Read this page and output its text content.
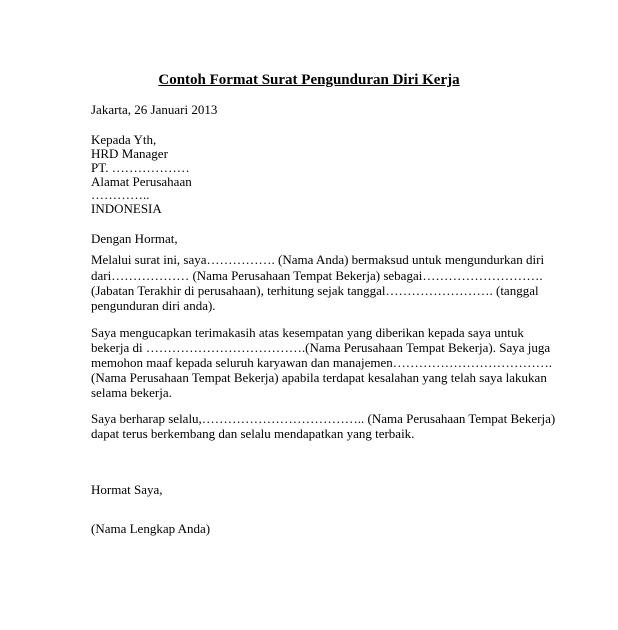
Contoh Format Surat Pengunduran Diri Kerja
Jakarta, 26 Januari 2013
Kepada Yth,
HRD Manager
PT. ………………
Alamat Perusahaan
…………..
INDONESIA
Dengan Hormat,
Melalui surat ini, saya……………. (Nama Anda) bermaksud untuk mengundurkan diri
dari……………… (Nama Perusahaan Tempat Bekerja) sebagai……………………….
(Jabatan Terakhir di perusahaan), terhitung sejak tanggal……………………. (tanggal
pengunduran diri anda).
Saya mengucapkan terimakasih atas kesempatan yang diberikan kepada saya untuk
bekerja di ……………………………….(Nama Perusahaan Tempat Bekerja). Saya juga
memohon maaf kepada seluruh karyawan dan manajemen……………………………….
(Nama Perusahaan Tempat Bekerja) apabila terdapat kesalahan yang telah saya lakukan
selama bekerja.
Saya berharap selalu,……………………………….. (Nama Perusahaan Tempat Bekerja)
dapat terus berkembang dan selalu mendapatkan yang terbaik.
Hormat Saya,
(Nama Lengkap Anda)
